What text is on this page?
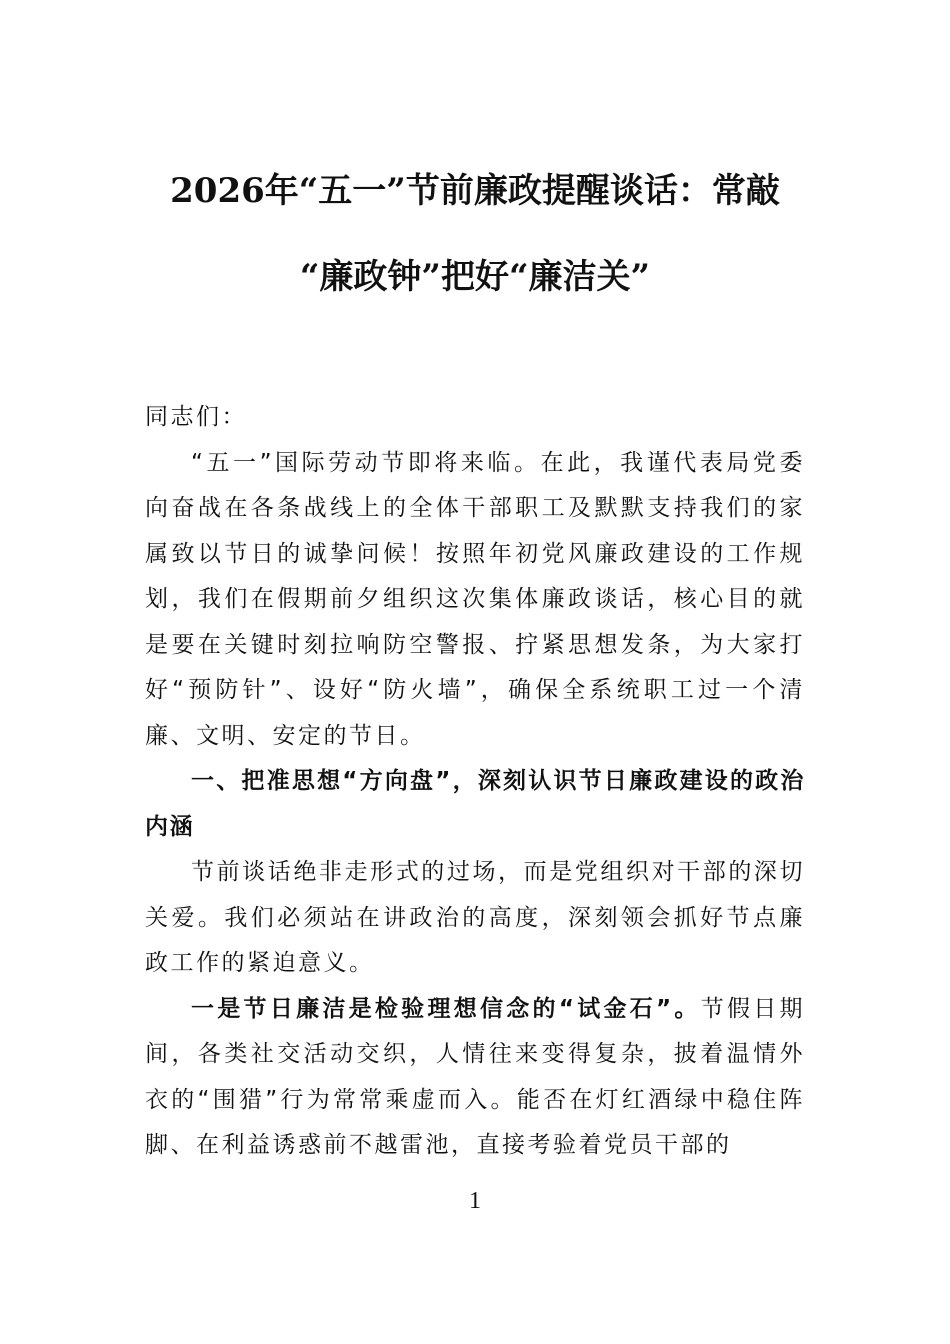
2026年“五一”节前廉政提醒谈话：常敲
“廉政钟”把好“廉洁关”

同志们：

“五一”国际劳动节即将来临。在此，我谨代表局党委向奋战在各条战线上的全体干部职工及默默支持我们的家属致以节日的诚挚问候！按照年初党风廉政建设的工作规划，我们在假期前夕组织这次集体廉政谈话，核心目的就是要在关键时刻拉响防空警报、拧紧思想发条，为大家打好“预防针”、设好“防火墙”，确保全系统职工过一个清廉、文明、安定的节日。

一、把准思想“方向盘”，深刻认识节日廉政建设的政治内涵

节前谈话绝非走形式的过场，而是党组织对干部的深切关爱。我们必须站在讲政治的高度，深刻领会抓好节点廉政工作的紧迫意义。

一是节日廉洁是检验理想信念的“试金石”。节假日期间，各类社交活动交织，人情往来变得复杂，披着温情外衣的“围猎”行为常常乘虚而入。能否在灯红酒绿中稳住阵脚、在利益诱惑前不越雷池，直接考验着党员干部的

1
